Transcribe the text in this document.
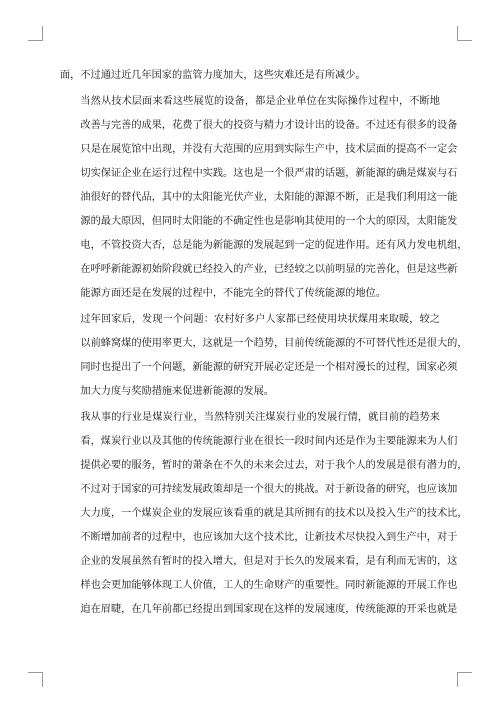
面，不过通过近几年国家的监管力度加大，这些灾难还是有所减少。
当然从技术层面来看这些展览的设备，都是企业单位在实际操作过程中，不断地
改善与完善的成果，花费了很大的投资与精力才设计出的设备。不过还有很多的设备
只是在展览馆中出现，并没有大范围的应用到实际生产中，技术层面的提高不一定会
切实保证企业在运行过程中实践。这也是一个很严肃的话题，新能源的确是煤炭与石
油很好的替代品，其中的太阳能光伏产业，太阳能的源源不断，正是我们利用这一能
源的最大原因，但同时太阳能的不确定性也是影响其使用的一个大的原因，太阳能发
电，不管投资大否，总是能为新能源的发展起到一定的促进作用。还有风力发电机组，
在呼呼新能源初始阶段就已经投入的产业，已经较之以前明显的完善化，但是这些新
能源方面还是在发展的过程中，不能完全的替代了传统能源的地位。
过年回家后，发现一个问题：农村好多户人家都已经使用块状煤用来取暖，较之
以前蜂窝煤的使用率更大，这就是一个趋势，目前传统能源的不可替代性还是很大的，
同时也提出了一个问题，新能源的研究开展必定还是一个相对漫长的过程，国家必须
加大力度与奖励措施来促进新能源的发展。
我从事的行业是煤炭行业，当然特别关注煤炭行业的发展行情，就目前的趋势来
看，煤炭行业以及其他的传统能源行业在很长一段时间内还是作为主要能源来为人们
提供必要的服务，暂时的萧条在不久的未来会过去，对于我个人的发展是很有潜力的，
不过对于国家的可持续发展政策却是一个很大的挑战。对于新设备的研究，也应该加
大力度，一个煤炭企业的发展应该看重的就是其所拥有的技术以及投入生产的技术比，
不断增加前者的过程中，也应该加大这个技术比，让新技术尽快投入到生产中，对于
企业的发展虽然有暂时的投入增大，但是对于长久的发展来看，是有利而无害的，这
样也会更加能够体现工人价值，工人的生命财产的重要性。同时新能源的开展工作也
迫在眉睫，在几年前都已经提出到国家现在这样的发展速度，传统能源的开采也就是
